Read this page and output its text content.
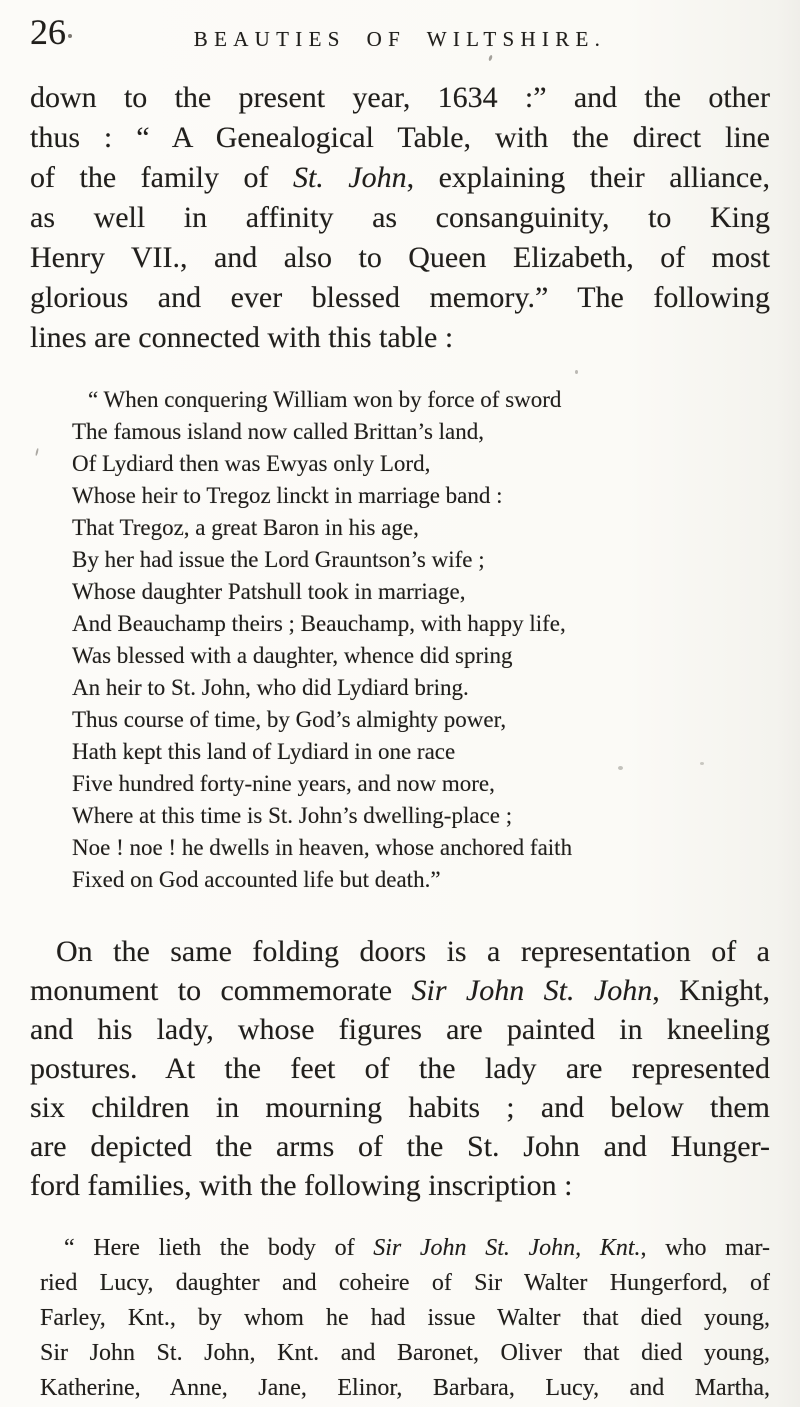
26	BEAUTIES OF WILTSHIRE.
down to the present year, 1634 :” and the other
thus : “ A Genealogical Table, with the direct line
of the family of St. John, explaining their alliance,
as well in affinity as consanguinity, to King
Henry VII., and also to Queen Elizabeth, of most
glorious and ever blessed memory.” The following
lines are connected with this table :
“ When conquering William won by force of sword
The famous island now called Brittan’s land,
Of Lydiard then was Ewyas only Lord,
Whose heir to Tregoz linckt in marriage band :
That Tregoz, a great Baron in his age,
By her had issue the Lord Grauntson’s wife ;
Whose daughter Patshull took in marriage,
And Beauchamp theirs ; Beauchamp, with happy life,
Was blessed with a daughter, whence did spring
An heir to St. John, who did Lydiard bring.
Thus course of time, by God’s almighty power,
Hath kept this land of Lydiard in one race
Five hundred forty-nine years, and now more,
Where at this time is St. John’s dwelling-place ;
Noe ! noe ! he dwells in heaven, whose anchored faith
Fixed on God accounted life but death.”
On the same folding doors is a representation of a
monument to commemorate Sir John St. John, Knight,
and his lady, whose figures are painted in kneeling
postures. At the feet of the lady are represented
six children in mourning habits ; and below them
are depicted the arms of the St. John and Hunger-
ford families, with the following inscription :
“ Here lieth the body of Sir John St. John, Knt., who mar-
ried Lucy, daughter and coheire of Sir Walter Hungerford, of
Farley, Knt., by whom he had issue Walter that died young,
Sir John St. John, Knt. and Baronet, Oliver that died young,
Katherine, Anne, Jane, Elinor, Barbara, Lucy, and Martha,
